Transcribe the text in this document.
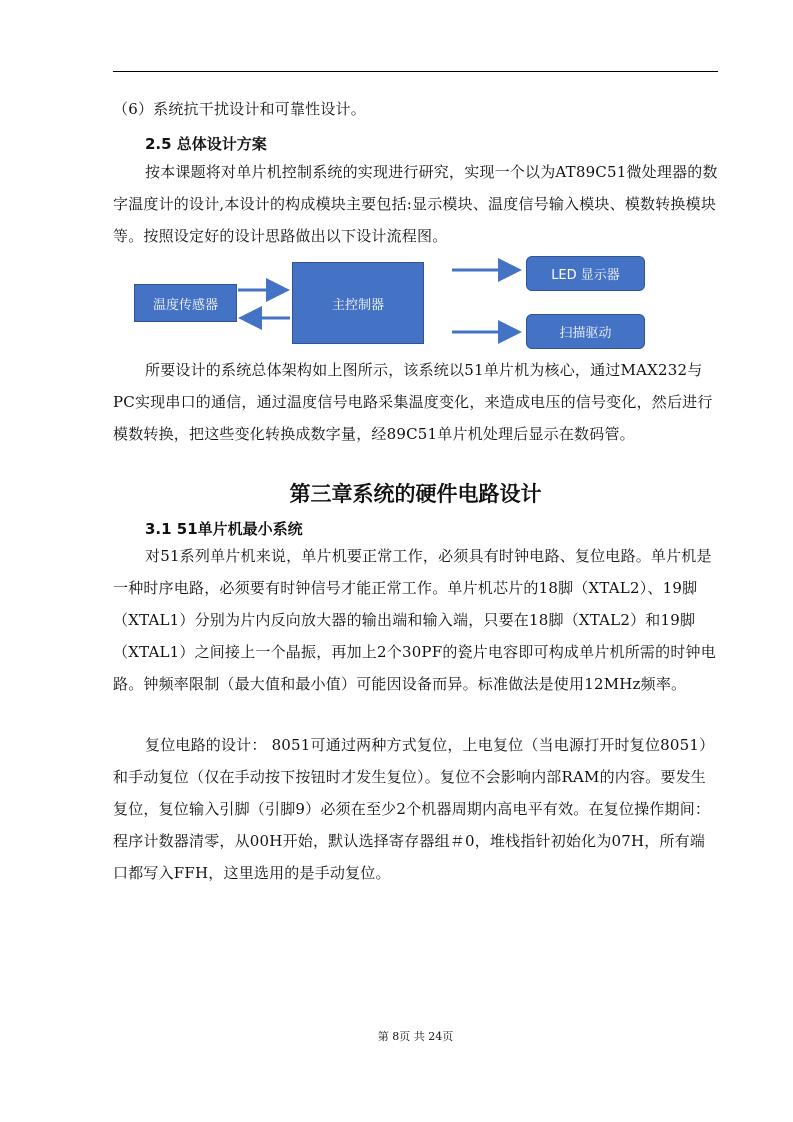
（6）系统抗干扰设计和可靠性设计。

2.5 总体设计方案

按本课题将对单片机控制系统的实现进行研究，实现一个以为AT89C51微处理器的数字温度计的设计,本设计的构成模块主要包括:显示模块、温度信号输入模块、模数转换模块等。按照设定好的设计思路做出以下设计流程图。

温度传感器	主控制器
LED 显示器
扫描驱动

所要设计的系统总体架构如上图所示，该系统以51单片机为核心，通过MAX232与PC实现串口的通信，通过温度信号电路采集温度变化，来造成电压的信号变化，然后进行模数转换，把这些变化转换成数字量，经89C51单片机处理后显示在数码管。

第三章系统的硬件电路设计
3.1 51单片机最小系统

对51系列单片机来说，单片机要正常工作，必须具有时钟电路、复位电路。单片机是一种时序电路，必须要有时钟信号才能正常工作。单片机芯片的18脚（XTAL2）、19脚（XTAL1）分别为片内反向放大器的输出端和输入端，只要在18脚（XTAL2）和19脚（XTAL1）之间接上一个晶振，再加上2个30PF的瓷片电容即可构成单片机所需的时钟电路。钟频率限制（最大值和最小值）可能因设备而异。标准做法是使用12MHz频率。

复位电路的设计： 8051可通过两种方式复位，上电复位（当电源打开时复位8051）和手动复位（仅在手动按下按钮时才发生复位）。复位不会影响内部RAM的内容。要发生复位，复位输入引脚（引脚9）必须在至少2个机器周期内高电平有效。在复位操作期间：程序计数器清零，从00H开始，默认选择寄存器组＃0，堆栈指针初始化为07H，所有端口都写入FFH，这里选用的是手动复位。

第 8页 共 24页
